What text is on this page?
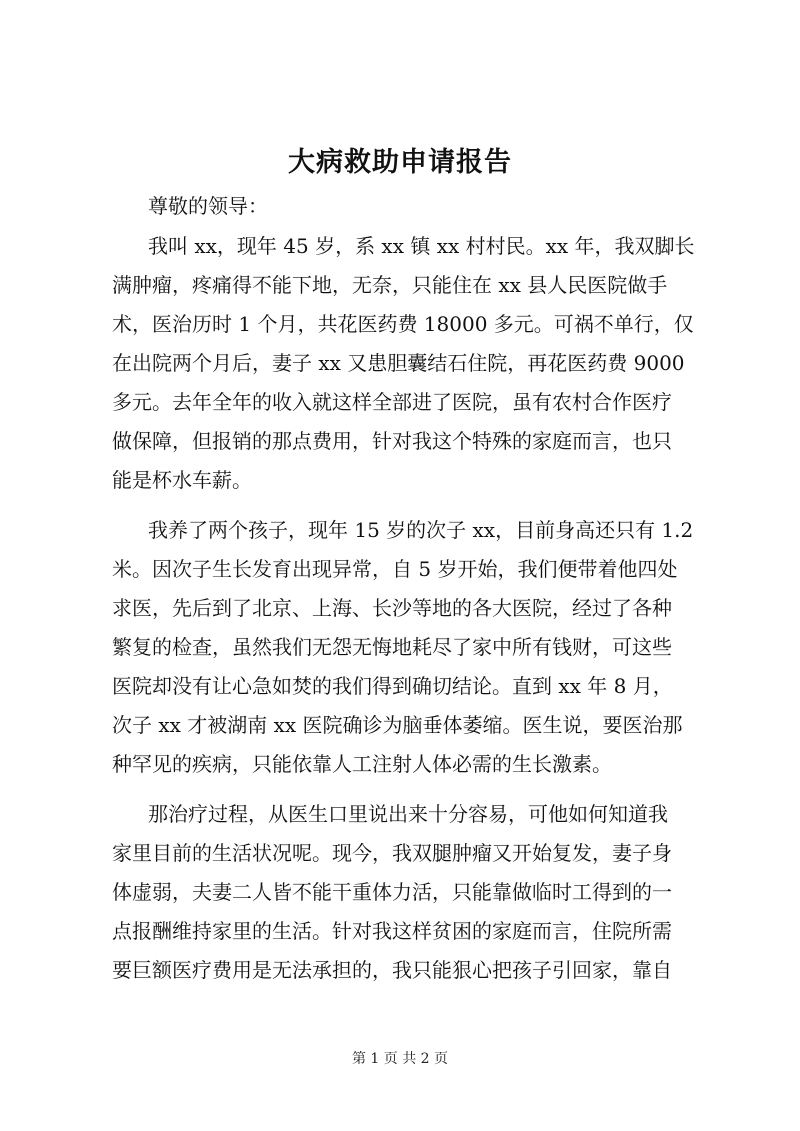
大病救助申请报告
尊敬的领导：
我叫 xx，现年 45 岁，系 xx 镇 xx 村村民。xx 年，我双脚长
满肿瘤，疼痛得不能下地，无奈，只能住在 xx 县人民医院做手
术，医治历时 1 个月，共花医药费 18000 多元。可祸不单行，仅
在出院两个月后，妻子 xx 又患胆囊结石住院，再花医药费 9000
多元。去年全年的收入就这样全部进了医院，虽有农村合作医疗
做保障，但报销的那点费用，针对我这个特殊的家庭而言，也只
能是杯水车薪。
我养了两个孩子，现年 15 岁的次子 xx，目前身高还只有 1.2
米。因次子生长发育出现异常，自 5 岁开始，我们便带着他四处
求医，先后到了北京、上海、长沙等地的各大医院，经过了各种
繁复的检查，虽然我们无怨无悔地耗尽了家中所有钱财，可这些
医院却没有让心急如焚的我们得到确切结论。直到 xx 年 8 月，
次子 xx 才被湖南 xx 医院确诊为脑垂体萎缩。医生说，要医治那
种罕见的疾病，只能依靠人工注射人体必需的生长激素。
那治疗过程，从医生口里说出来十分容易，可他如何知道我
家里目前的生活状况呢。现今，我双腿肿瘤又开始复发，妻子身
体虚弱，夫妻二人皆不能干重体力活，只能靠做临时工得到的一
点报酬维持家里的生活。针对我这样贫困的家庭而言，住院所需
要巨额医疗费用是无法承担的，我只能狠心把孩子引回家，靠自
第 1 页 共 2 页
